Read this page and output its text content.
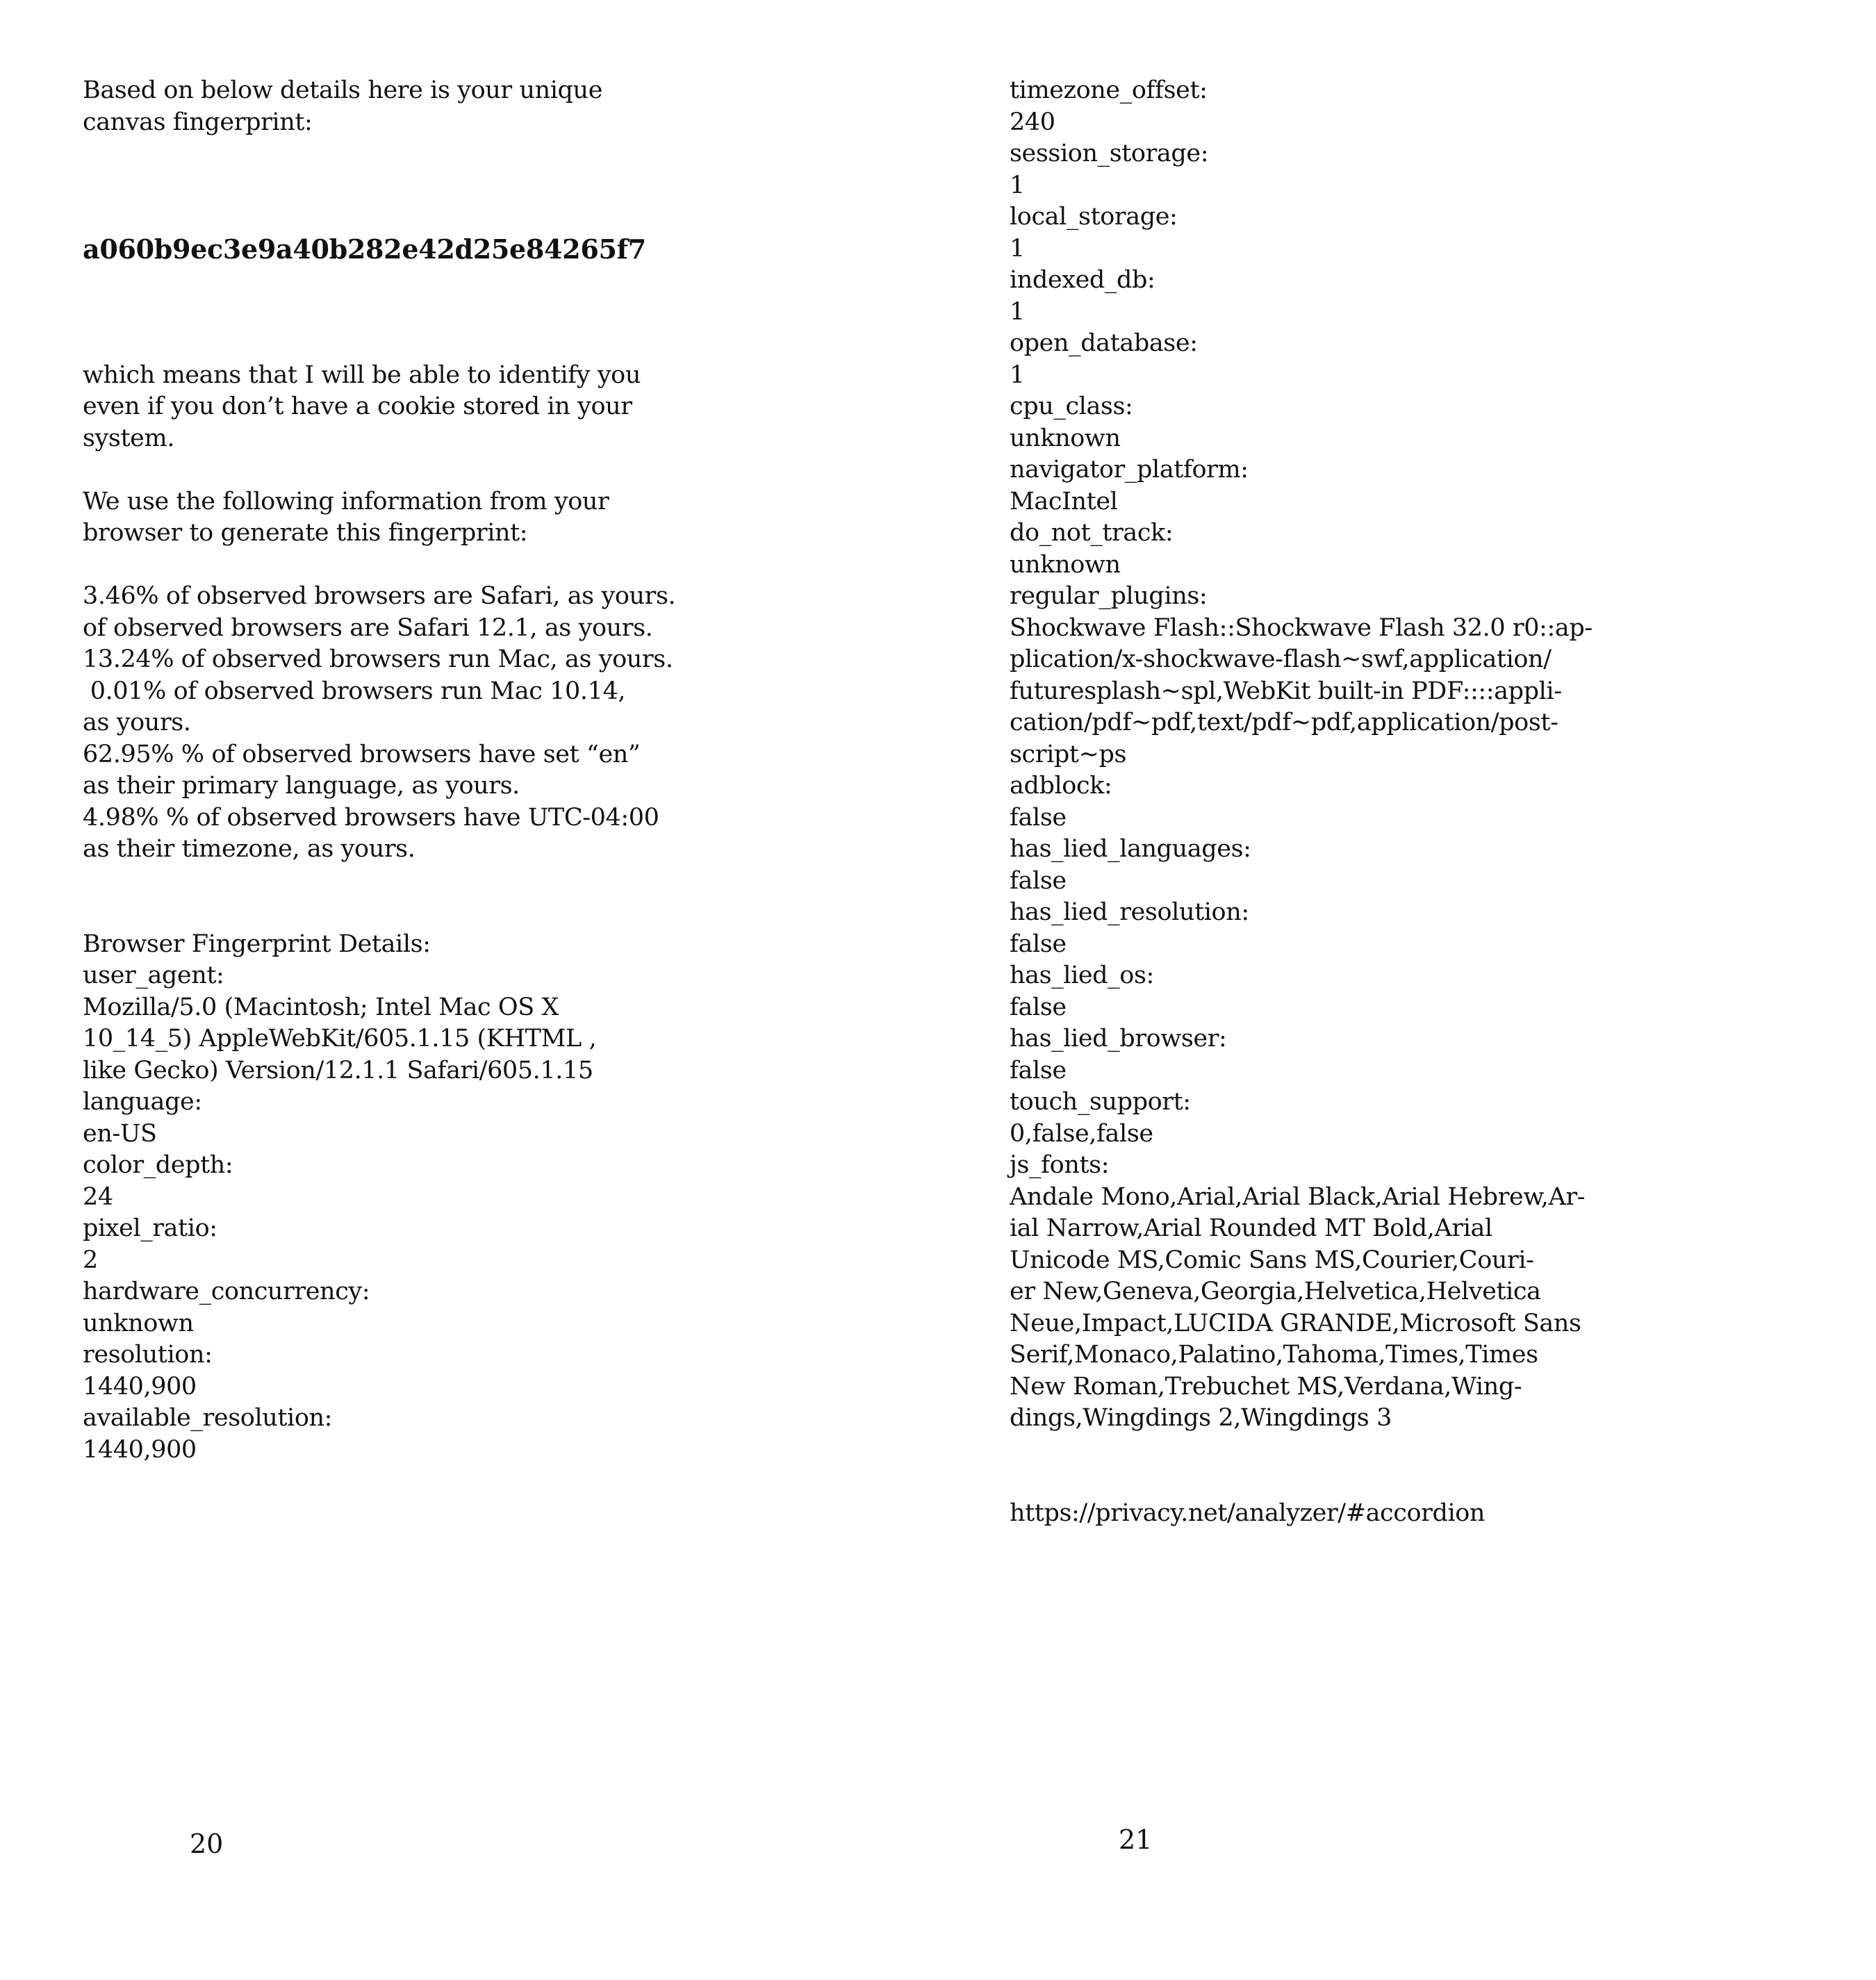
Based on below details here is your unique
canvas fingerprint:
a060b9ec3e9a40b282e42d25e84265f7
which means that I will be able to identify you
even if you don’t have a cookie stored in your
system.
We use the following information from your
browser to generate this fingerprint:
3.46% of observed browsers are Safari, as yours.
of observed browsers are Safari 12.1, as yours.
13.24% of observed browsers run Mac, as yours.
0.01% of observed browsers run Mac 10.14,
as yours.
62.95% % of observed browsers have set “en”
as their primary language, as yours.
4.98% % of observed browsers have UTC-04:00
as their timezone, as yours.
Browser Fingerprint Details:
user_agent:
Mozilla/5.0 (Macintosh; Intel Mac OS X
10_14_5) AppleWebKit/605.1.15 (KHTML ,
like Gecko) Version/12.1.1 Safari/605.1.15
language:
en-US
color_depth:
24
pixel_ratio:
2
hardware_concurrency:
unknown
resolution:
1440,900
available_resolution:
1440,900
20
timezone_offset:
240
session_storage:
1
local_storage:
1
indexed_db:
1
open_database:
1
cpu_class:
unknown
navigator_platform:
MacIntel
do_not_track:
unknown
regular_plugins:
Shockwave Flash::Shockwave Flash 32.0 r0::ap-
plication/x-shockwave-flash~swf,application/
futuresplash~spl,WebKit built-in PDF::::appli-
cation/pdf~pdf,text/pdf~pdf,application/post-
script~ps
adblock:
false
has_lied_languages:
false
has_lied_resolution:
false
has_lied_os:
false
has_lied_browser:
false
touch_support:
0,false,false
js_fonts:
Andale Mono,Arial,Arial Black,Arial Hebrew,Ar-
ial Narrow,Arial Rounded MT Bold,Arial
Unicode MS,Comic Sans MS,Courier,Couri-
er New,Geneva,Georgia,Helvetica,Helvetica
Neue,Impact,LUCIDA GRANDE,Microsoft Sans
Serif,Monaco,Palatino,Tahoma,Times,Times
New Roman,Trebuchet MS,Verdana,Wing-
dings,Wingdings 2,Wingdings 3
https://privacy.net/analyzer/#accordion
21
